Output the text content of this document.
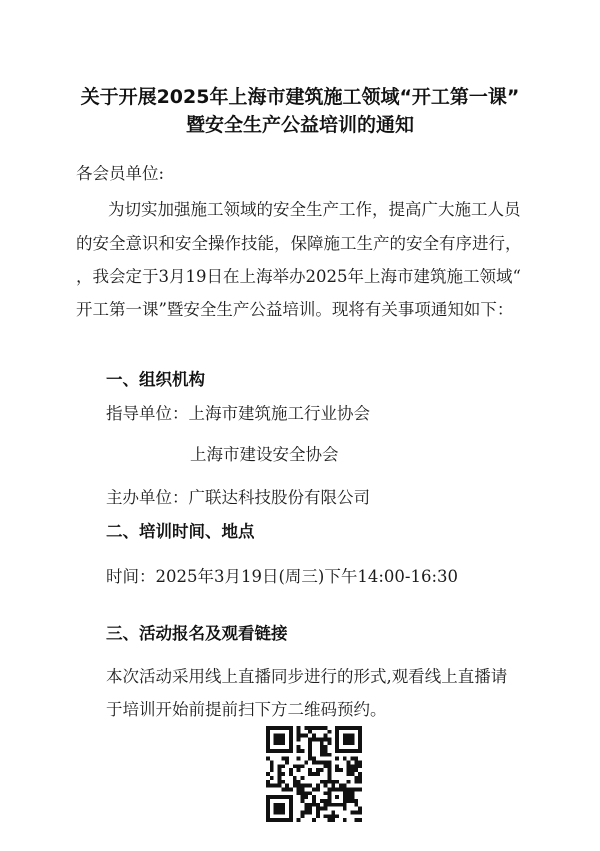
关于开展2025年上海市建筑施工领域“开工第一课”
暨安全生产公益培训的通知
各会员单位:
为切实加强施工领域的安全生产工作，提高广大施工人员
的安全意识和安全操作技能，保障施工生产的安全有序进行，
，我会定于3月19日在上海举办2025年上海市建筑施工领域“
开工第一课”暨安全生产公益培训。现将有关事项通知如下：
一、组织机构
指导单位：上海市建筑施工行业协会
上海市建设安全协会
主办单位：广联达科技股份有限公司
二、培训时间、地点
时间：2025年3月19日(周三)下午14:00-16:30
三、活动报名及观看链接
本次活动采用线上直播同步进行的形式,观看线上直播请
于培训开始前提前扫下方二维码预约。
